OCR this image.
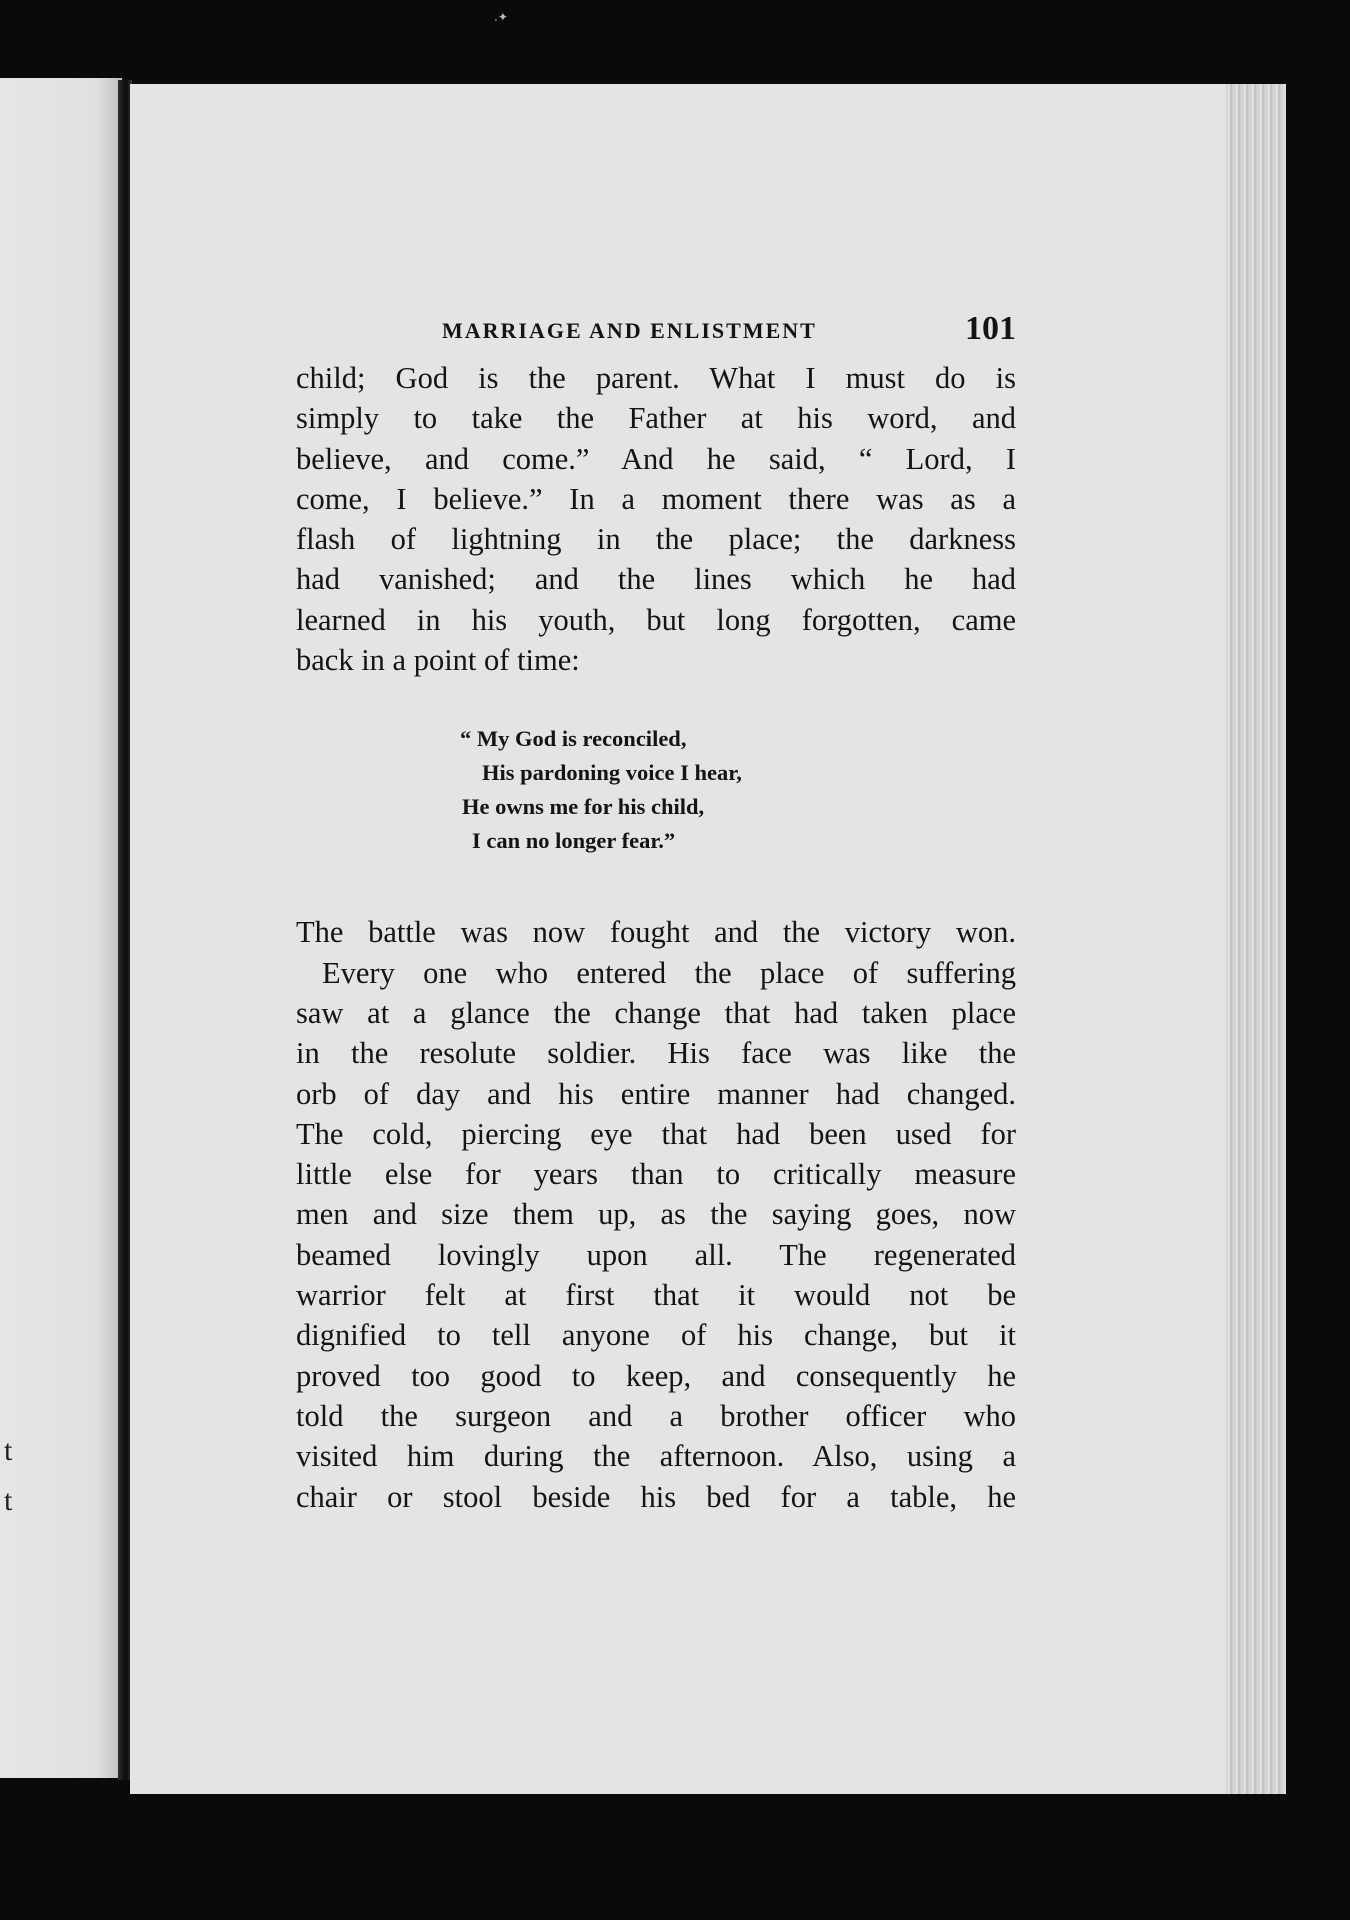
.✦
t
t
MARRIAGE AND ENLISTMENT	101

child; God is the parent. What I must do is
simply to take the Father at his word, and
believe, and come.” And he said, “ Lord, I
come, I believe.” In a moment there was as a
flash of lightning in the place; the darkness
had vanished; and the lines which he had
learned in his youth, but long forgotten, came
back in a point of time:

“ My God is reconciled,
His pardoning voice I hear,
He owns me for his child,
I can no longer fear.”

The battle was now fought and the victory won.

Every one who entered the place of suffering
saw at a glance the change that had taken place
in the resolute soldier. His face was like the
orb of day and his entire manner had changed.
The cold, piercing eye that had been used for
little else for years than to critically measure
men and size them up, as the saying goes, now
beamed lovingly upon all. The regenerated
warrior felt at first that it would not be
dignified to tell anyone of his change, but it
proved too good to keep, and consequently he
told the surgeon and a brother officer who
visited him during the afternoon. Also, using a
chair or stool beside his bed for a table, he
